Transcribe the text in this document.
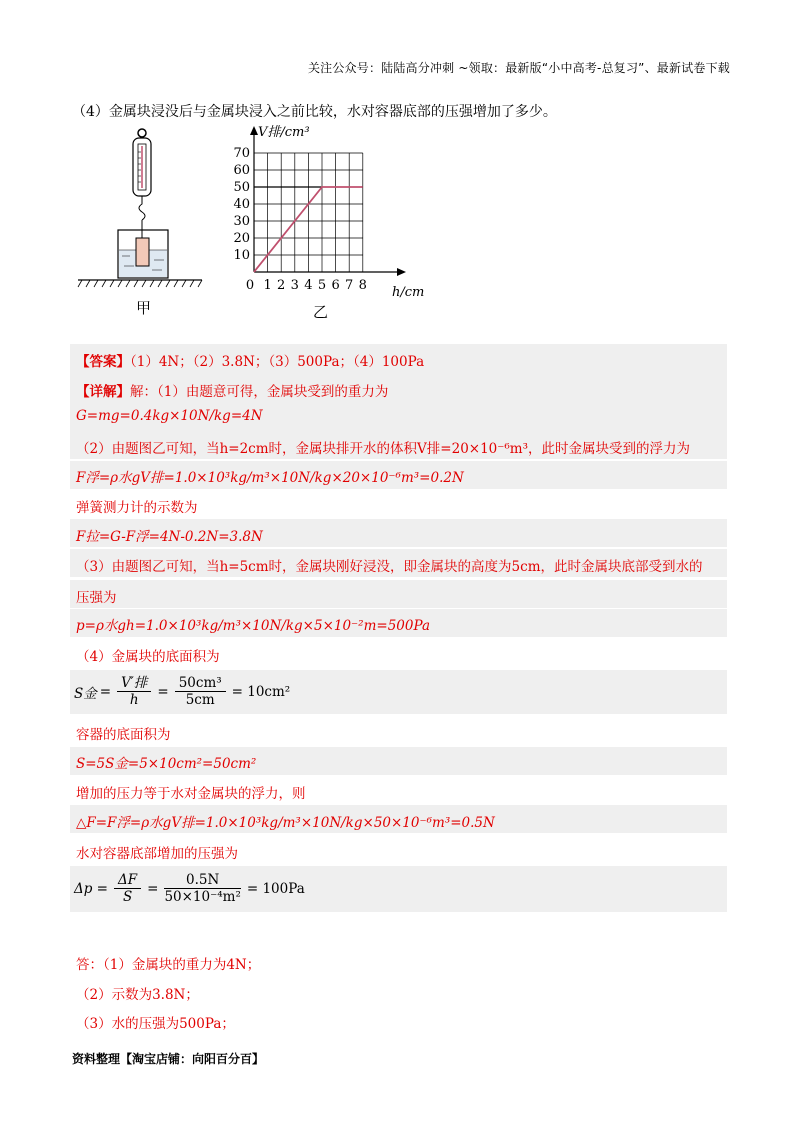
关注公众号：陆陆高分冲刺 ~领取：最新版“小中高考-总复习”、最新试卷下载
（4）金属块浸没后与金属块浸入之前比较，水对容器底部的压强增加了多少。
甲
V排/cm³
h/cm
70
60
50
40
30
20
10
0 1 2 3 4 5 6 7 8
乙
【答案】（1）4N；（2）3.8N；（3）500Pa；（4）100Pa
【详解】解：（1）由题意可得，金属块受到的重力为
G=mg=0.4kg×10N/kg=4N
（2）由题图乙可知，当h=2cm时，金属块排开水的体积V排=20×10⁻⁶m³，此时金属块受到的浮力为
F浮=ρ水gV排=1.0×10³kg/m³×10N/kg×20×10⁻⁶m³=0.2N
弹簧测力计的示数为
F拉=G-F浮=4N-0.2N=3.8N
（3）由题图乙可知，当h=5cm时，金属块刚好浸没，即金属块的高度为5cm，此时金属块底部受到水的
压强为
p=ρ水gh=1.0×10³kg/m³×10N/kg×5×10⁻²m=500Pa
（4）金属块的底面积为
S金 = $\frac{\text{V′排}}{h} = \frac{\text{50cm³}}{5cm} = 10cm^2$
容器的底面积为
S=5S金=5×10cm²=50cm²
增加的压力等于水对金属块的浮力，则
△F=F浮=ρ水gV排=1.0×10³kg/m³×10N/kg×50×10⁻⁶m³=0.5N
水对容器底部增加的压强为
$\Delta p = \frac{\Delta F}{S} = \frac{0.5N}{\text{50×10⁻⁴m²}} = 100Pa$
答：（1）金属块的重力为4N；
（2）示数为3.8N；
（3）水的压强为500Pa；
资料整理【淘宝店铺：向阳百分百】
